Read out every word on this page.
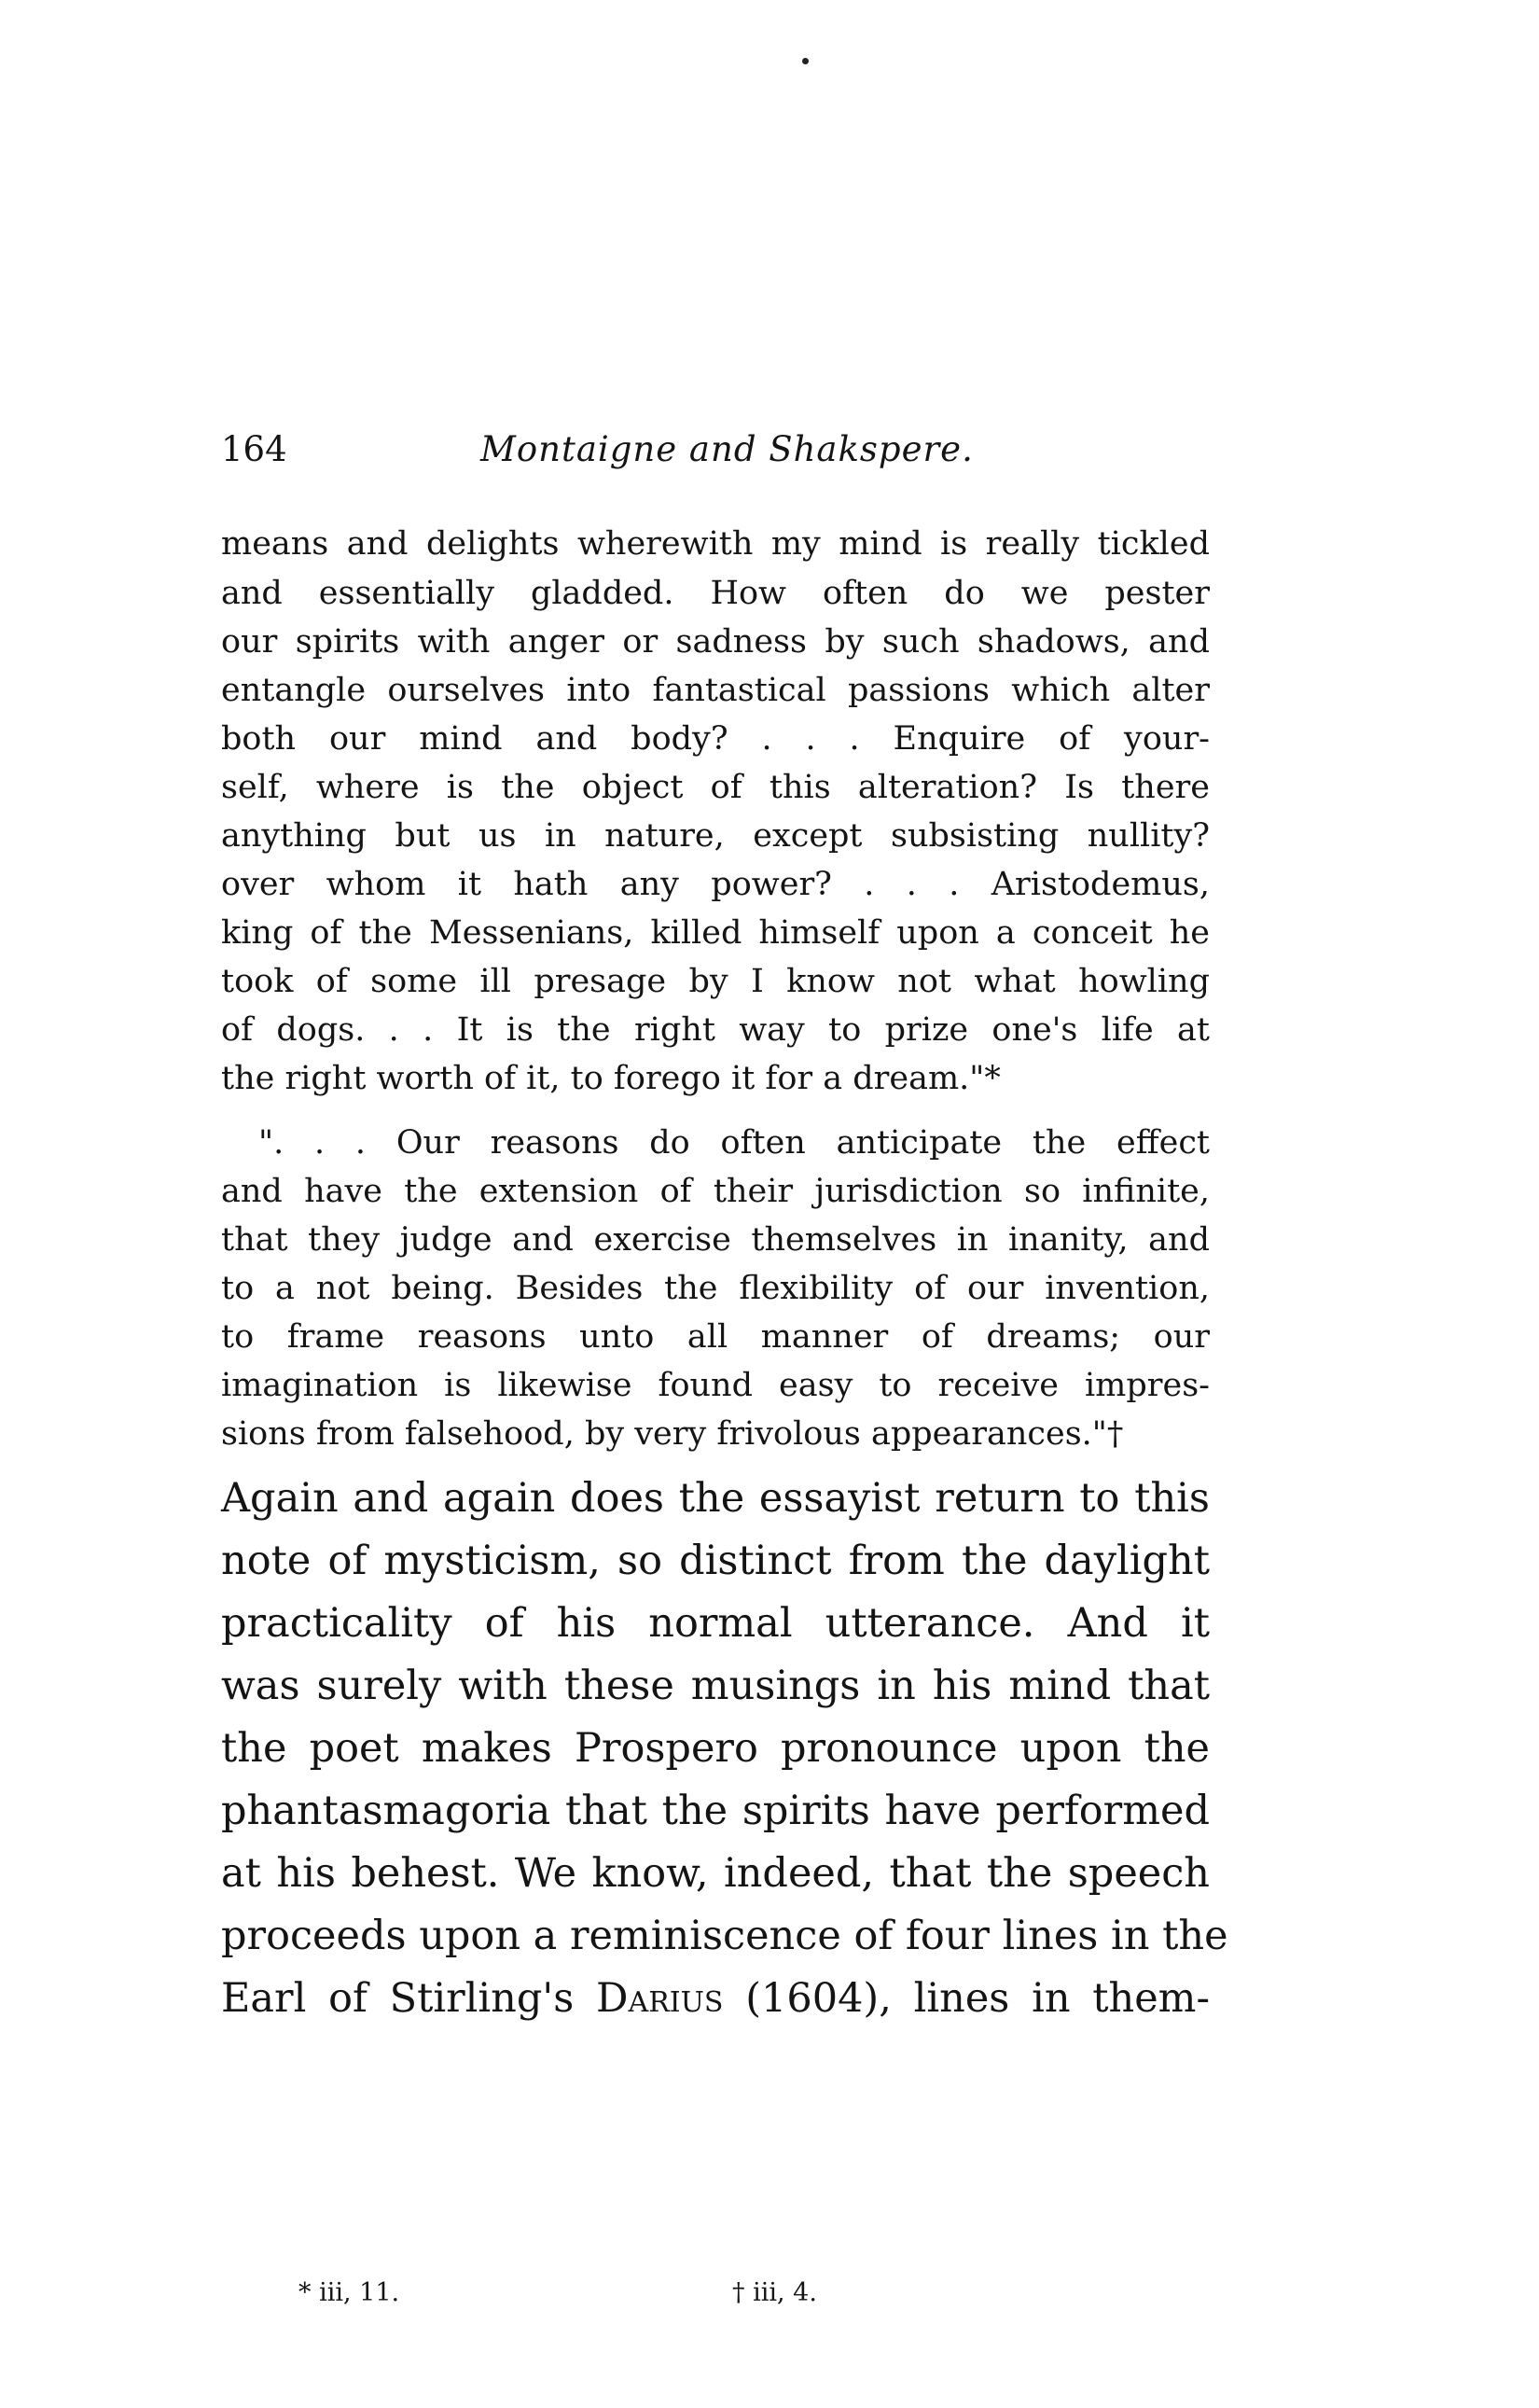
164	Montaigne and Shakspere.
means and delights wherewith my mind is really tickled
and essentially gladded. How often do we pester
our spirits with anger or sadness by such shadows, and
entangle ourselves into fantastical passions which alter
both our mind and body? . . . Enquire of your-
self, where is the object of this alteration? Is there
anything but us in nature, except subsisting nullity?
over whom it hath any power? . . . Aristodemus,
king of the Messenians, killed himself upon a conceit he
took of some ill presage by I know not what howling
of dogs. . . It is the right way to prize one's life at
the right worth of it, to forego it for a dream."*
". . . Our reasons do often anticipate the effect
and have the extension of their jurisdiction so infinite,
that they judge and exercise themselves in inanity, and
to a not being. Besides the flexibility of our invention,
to frame reasons unto all manner of dreams; our
imagination is likewise found easy to receive impres-
sions from falsehood, by very frivolous appearances."†
Again and again does the essayist return to this
note of mysticism, so distinct from the daylight
practicality of his normal utterance. And it
was surely with these musings in his mind that
the poet makes Prospero pronounce upon the
phantasmagoria that the spirits have performed
at his behest. We know, indeed, that the speech
proceeds upon a reminiscence of four lines in the
Earl of Stirling's Darius (1604), lines in them-
* iii, 11.	† iii, 4.
